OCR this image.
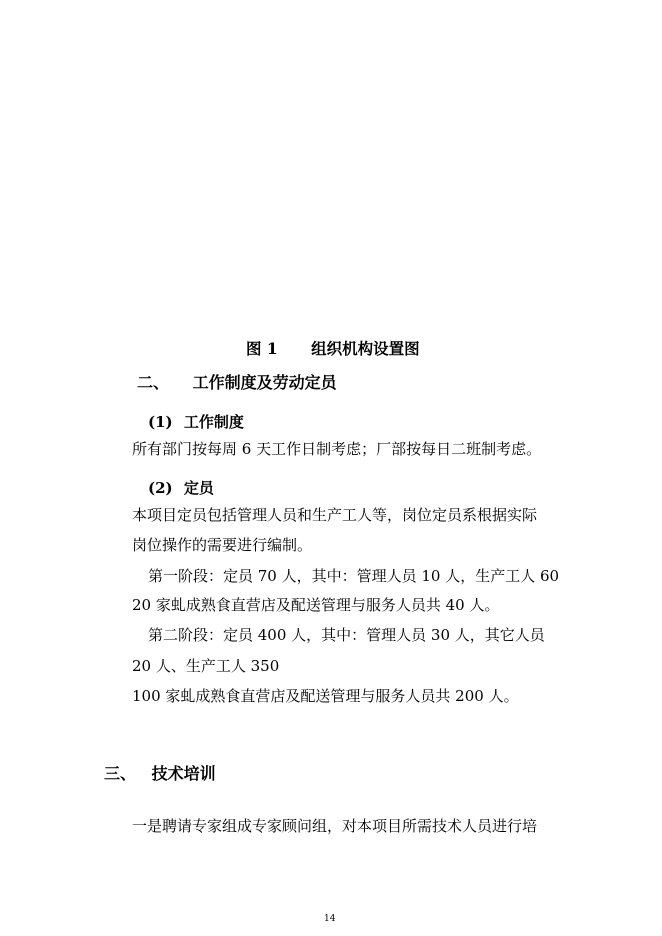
图 1 组织机构设置图
二、 工作制度及劳动定员
(1) 工作制度
所有部门按每周 6 天工作日制考虑；厂部按每日二班制考虑。
(2) 定员
本项目定员包括管理人员和生产工人等，岗位定员系根据实际
岗位操作的需要进行编制。
第一阶段：定员 70 人，其中：管理人员 10 人，生产工人 60
20 家虬成熟食直营店及配送管理与服务人员共 40 人。
第二阶段：定员 400 人，其中：管理人员 30 人，其它人员
20 人、生产工人 350
100 家虬成熟食直营店及配送管理与服务人员共 200 人。
三、 技术培训
一是聘请专家组成专家顾问组，对本项目所需技术人员进行培
14
